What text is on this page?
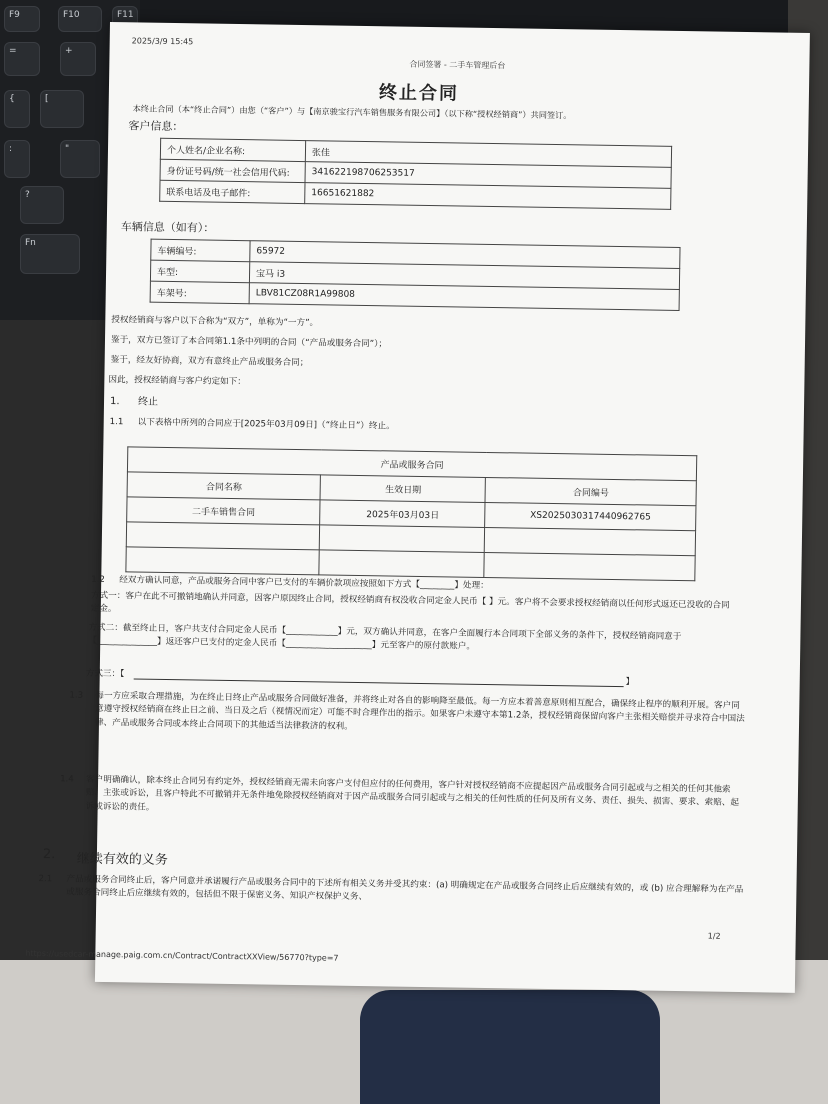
F9	F10	F11
=	+
{	[
:	"
?
Fn
2025/3/9 15:45
合同签署 - 二手车管理后台
终止合同
本终止合同（本“终止合同”）由您（“客户”）与【南京骏宝行汽车销售服务有限公司】（以下称“授权经销商”）共同签订。
客户信息：
个人姓名/企业名称:	张佳
身份证号码/统一社会信用代码:	341622198706253517
联系电话及电子邮件:	16651621882
车辆信息（如有）：
车辆编号:	65972
车型:	宝马 i3
车架号:	LBV81CZ08R1A99808
授权经销商与客户以下合称为“双方”，单称为“一方”。
鉴于，双方已签订了本合同第1.1条中列明的合同（“产品或服务合同”）；
鉴于，经友好协商，双方有意终止产品或服务合同；
因此，授权经销商与客户约定如下：
1. 终止
1.1 以下表格中所列的合同应于[2025年03月09日]（“终止日”）终止。
产品或服务合同		
合同名称	生效日期	合同编号
二手车销售合同	2025年03月03日	XS2025030317440962765

1.2 经双方确认同意，产品或服务合同中客户已支付的车辆价款项应按照如下方式【________】处理：
方式一：客户在此不可撤销地确认并同意，因客户原因终止合同，授权经销商有权没收合同定金人民币【 】元。客户将不会要求授权经销商以任何形式返还已没收的合同定金。
方式二：截至终止日，客户共支付合同定金人民币【____________】元，双方确认并同意，在客户全面履行本合同项下全部义务的条件下，授权经销商同意于【______________】返还客户已支付的定金人民币【____________________】元至客户的原付款账户。
方式三：【
】
1.3 每一方应采取合理措施，为在终止日终止产品或服务合同做好准备，并将终止对各自的影响降至最低。每一方应本着善意原则相互配合，确保终止程序的顺利开展。客户同意遵守授权经销商在终止日之前、当日及之后（视情况而定）可能不时合理作出的指示。如果客户未遵守本第1.2条，授权经销商保留向客户主张相关赔偿并寻求符合中国法律、产品或服务合同或本终止合同项下的其他适当法律救济的权利。
1.4 客户明确确认，除本终止合同另有约定外，授权经销商无需未向客户支付但应付的任何费用，客户针对授权经销商不应提起因产品或服务合同引起或与之相关的任何其他索赔、主张或诉讼，且客户特此不可撤销并无条件地免除授权经销商对于因产品或服务合同引起或与之相关的任何性质的任何及所有义务、责任、损失、损害、要求、索赔、起诉或诉讼的责任。
2. 继续有效的义务
2.1 产品或服务合同终止后，客户同意并承诺履行产品或服务合同中的下述所有相关义务并受其约束：(a) 明确规定在产品或服务合同终止后应继续有效的，或 (b) 应合理解释为在产品或服务合同终止后应继续有效的，包括但不限于保密义务、知识产权保护义务、
https://usedcar-manage.paig.com.cn/Contract/ContractXXView/56770?type=7
1/2
